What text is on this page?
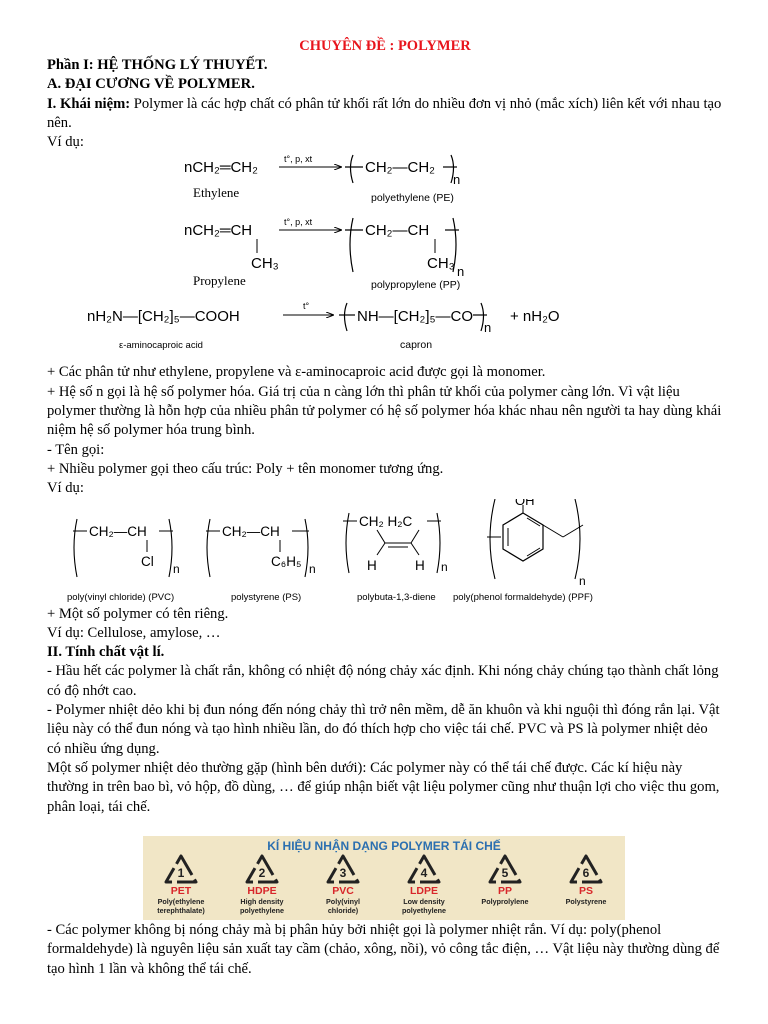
CHUYÊN ĐỀ : POLYMER

Phần I: HỆ THỐNG LÝ THUYẾT.

A. ĐẠI CƯƠNG VỀ POLYMER.

I. Khái niệm: Polymer là các hợp chất có phân tử khối rất lớn do nhiều đơn vị nhỏ (mắc xích) liên kết với nhau tạo nên.

Ví dụ:

nCH₂═CH₂	t°, p, xt
Ethylene
CH₂—CH₂
n
polyethylene (PE)
nCH₂═CH
CH₃
t°, p, xt
Propylene
CH₂—CH
CH₃ n
polypropylene (PP)
nH₂N—[CH₂]₅—COOH
t°
ε-aminocaproic acid
NH—[CH₂]₅—CO
n
+ nH₂O
capron

+ Các phân tử như ethylene, propylene và ε-aminocaproic acid được gọi là monomer.

+ Hệ số n gọi là hệ số polymer hóa. Giá trị của n càng lớn thì phân tử khối của polymer càng lớn. Vì vật liệu polymer thường là hỗn hợp của nhiều phân tử polymer có hệ số polymer hóa khác nhau nên người ta hay dùng khái niệm hệ số polymer hóa trung bình.

- Tên gọi:

+ Nhiều polymer gọi theo cấu trúc: Poly + tên monomer tương ứng.

Ví dụ:

CH₂—CH
Cl n
poly(vinyl chloride) (PVC)
CH₂—CH
C₆H₅ n
polystyrene (PS)
CH₂ H₂C
H	H n
polybuta-1,3-diene
OH
n
poly(phenol formaldehyde) (PPF)

+ Một số polymer có tên riêng.

Ví dụ: Cellulose, amylose, …

II. Tính chất vật lí.

- Hầu hết các polymer là chất rắn, không có nhiệt độ nóng chảy xác định. Khi nóng chảy chúng tạo thành chất lỏng có độ nhớt cao.

- Polymer nhiệt dẻo khi bị đun nóng đến nóng chảy thì trở nên mềm, dễ ăn khuôn và khi nguội thì đóng rắn lại. Vật liệu này có thể đun nóng và tạo hình nhiều lần, do đó thích hợp cho việc tái chế. PVC và PS là polymer nhiệt dẻo có nhiều ứng dụng.

Một số polymer nhiệt dẻo thường gặp (hình bên dưới): Các polymer này có thể tái chế được. Các kí hiệu này thường in trên bao bì, vỏ hộp, đồ dùng, … để giúp nhận biết vật liệu polymer cũng như thuận lợi cho việc thu gom, phân loại, tái chế.

KÍ HIỆU NHẬN DẠNG POLYMER TÁI CHẾ
1
PET
Poly(ethylene
terephthalate)
2
HDPE
High density
polyethylene
3
PVC
Poly(vinyl
chloride)
4
LDPE
Low density
polyethylene
5
PP
Polyprolylene
6
PS
Polystyrene

- Các polymer không bị nóng chảy mà bị phân hủy bởi nhiệt gọi là polymer nhiệt rắn. Ví dụ: poly(phenol formaldehyde) là nguyên liệu sản xuất tay cầm (chảo, xông, nồi), vỏ công tắc điện, … Vật liệu này thường dùng để tạo hình 1 lần và không thể tái chế.
